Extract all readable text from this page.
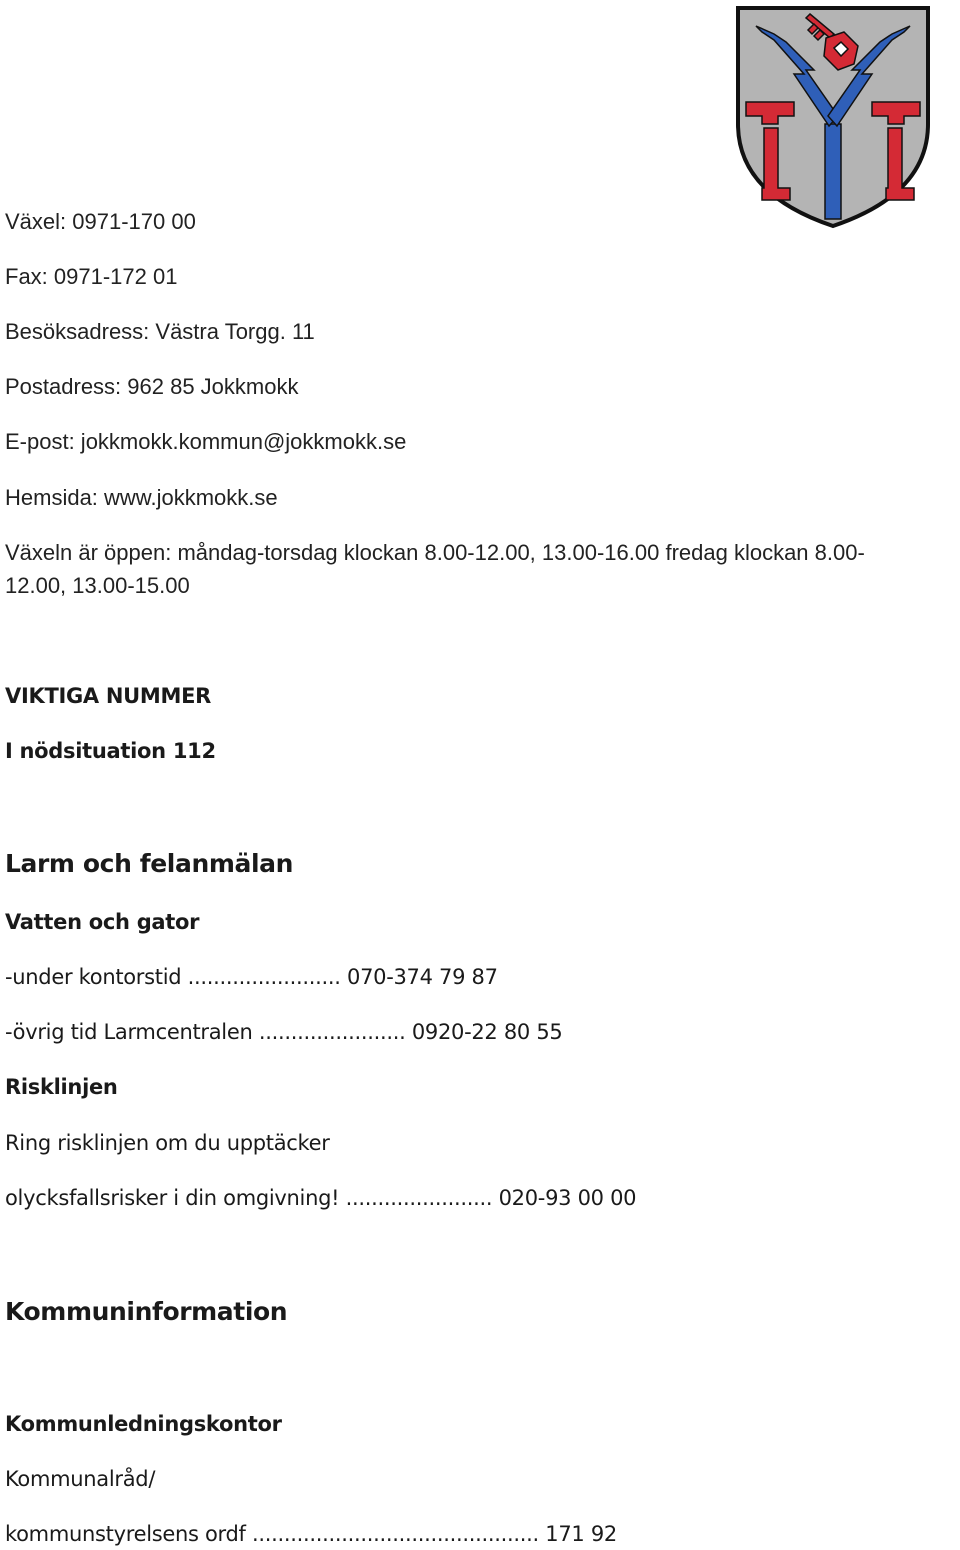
Växel: 0971-170 00
Fax: 0971-172 01
Besöksadress: Västra Torgg. 11
Postadress: 962 85 Jokkmokk
E-post: jokkmokk.kommun@jokkmokk.se
Hemsida: www.jokkmokk.se
Växeln är öppen: måndag-torsdag klockan 8.00-12.00, 13.00-16.00 fredag klockan 8.00-
12.00, 13.00-15.00
VIKTIGA NUMMER
I nödsituation 112
Larm och felanmälan
Vatten och gator
-under kontorstid ........................ 070-374 79 87
-övrig tid Larmcentralen ....................... 0920-22 80 55
Risklinjen
Ring risklinjen om du upptäcker
olycksfallsrisker i din omgivning! ....................... 020-93 00 00
Kommuninformation
Kommunledningskontor
Kommunalråd/
kommunstyrelsens ordf ............................................. 171 92
